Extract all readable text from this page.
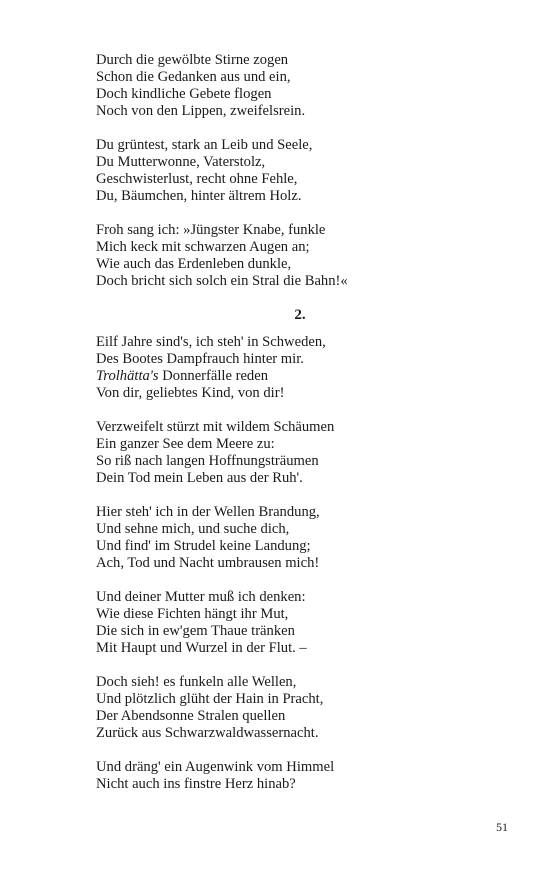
Durch die gewölbte Stirne zogen
Schon die Gedanken aus und ein,
Doch kindliche Gebete flogen
Noch von den Lippen, zweifelsrein.
Du grüntest, stark an Leib und Seele,
Du Mutterwonne, Vaterstolz,
Geschwisterlust, recht ohne Fehle,
Du, Bäumchen, hinter ältrem Holz.
Froh sang ich: »Jüngster Knabe, funkle
Mich keck mit schwarzen Augen an;
Wie auch das Erdenleben dunkle,
Doch bricht sich solch ein Stral die Bahn!«
2.
Eilf Jahre sind's, ich steh' in Schweden,
Des Bootes Dampfrauch hinter mir.
Trolhätta's Donnerfälle reden
Von dir, geliebtes Kind, von dir!
Verzweifelt stürzt mit wildem Schäumen
Ein ganzer See dem Meere zu:
So riß nach langen Hoffnungsträumen
Dein Tod mein Leben aus der Ruh'.
Hier steh' ich in der Wellen Brandung,
Und sehne mich, und suche dich,
Und find' im Strudel keine Landung;
Ach, Tod und Nacht umbrausen mich!
Und deiner Mutter muß ich denken:
Wie diese Fichten hängt ihr Mut,
Die sich in ew'gem Thaue tränken
Mit Haupt und Wurzel in der Flut. –
Doch sieh! es funkeln alle Wellen,
Und plötzlich glüht der Hain in Pracht,
Der Abendsonne Stralen quellen
Zurück aus Schwarzwaldwassernacht.
Und dräng' ein Augenwink vom Himmel
Nicht auch ins finstre Herz hinab?
51
